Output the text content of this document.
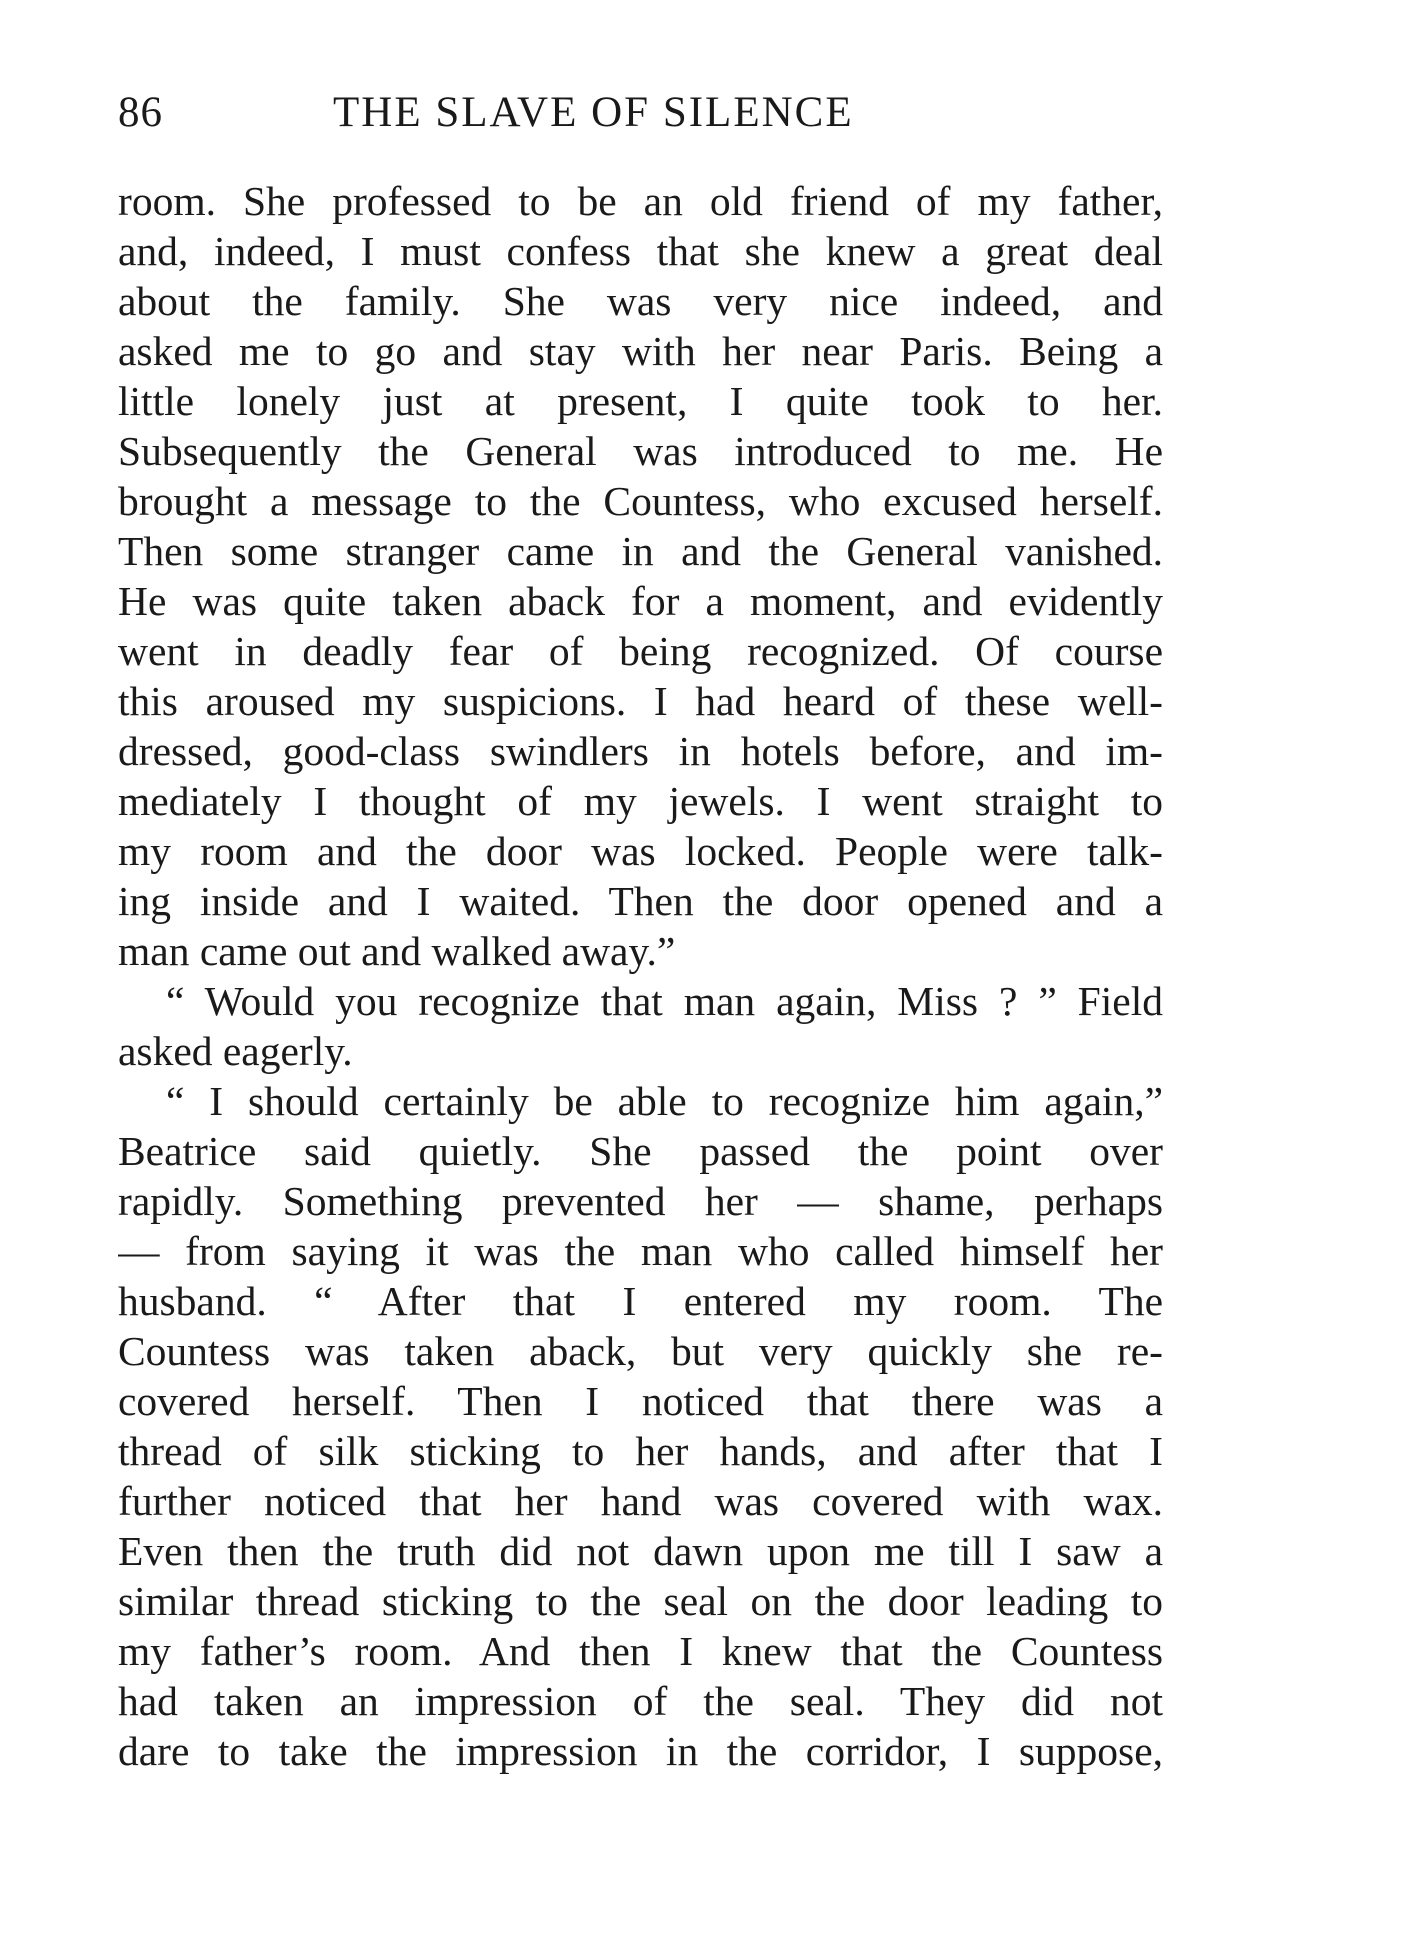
86	THE SLAVE OF SILENCE
room. She professed to be an old friend of my father,
and, indeed, I must confess that she knew a great deal
about the family. She was very nice indeed, and
asked me to go and stay with her near Paris. Being a
little lonely just at present, I quite took to her.
Subsequently the General was introduced to me. He
brought a message to the Countess, who excused herself.
Then some stranger came in and the General vanished.
He was quite taken aback for a moment, and evidently
went in deadly fear of being recognized. Of course
this aroused my suspicions. I had heard of these well-
dressed, good-class swindlers in hotels before, and im-
mediately I thought of my jewels. I went straight to
my room and the door was locked. People were talk-
ing inside and I waited. Then the door opened and a
man came out and walked away.”
“ Would you recognize that man again, Miss ? ” Field
asked eagerly.
“ I should certainly be able to recognize him again,”
Beatrice said quietly. She passed the point over
rapidly. Something prevented her — shame, perhaps
— from saying it was the man who called himself her
husband. “ After that I entered my room. The
Countess was taken aback, but very quickly she re-
covered herself. Then I noticed that there was a
thread of silk sticking to her hands, and after that I
further noticed that her hand was covered with wax.
Even then the truth did not dawn upon me till I saw a
similar thread sticking to the seal on the door leading to
my father’s room. And then I knew that the Countess
had taken an impression of the seal. They did not
dare to take the impression in the corridor, I suppose,
